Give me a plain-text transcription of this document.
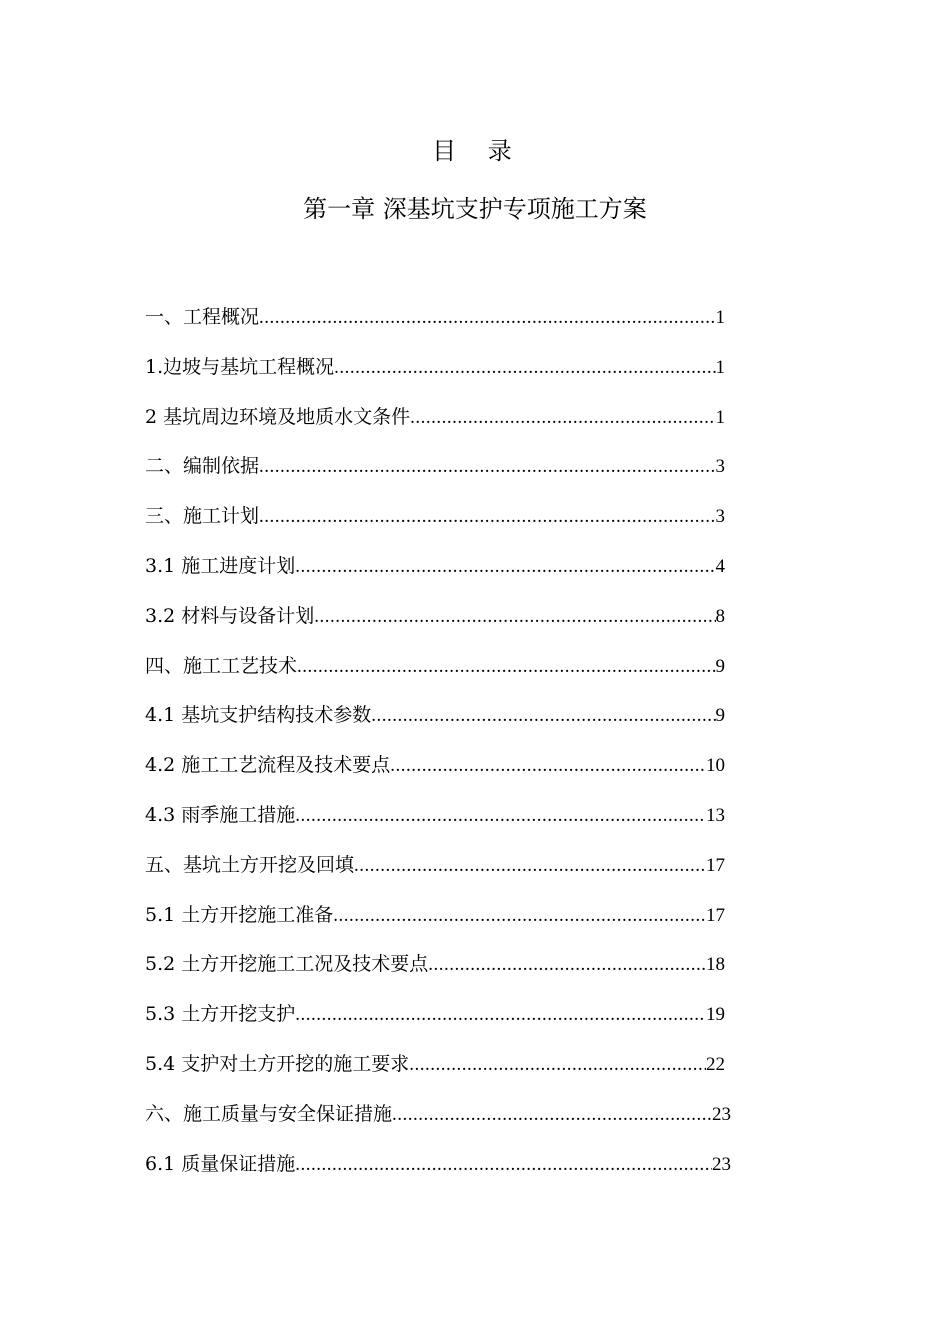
目 录
第一章 深基坑支护专项施工方案
一、工程概况 .....	1
1.边坡与基坑工程概况 .....	1
2 基坑周边环境及地质水文条件 .....	1
二、编制依据 .....	3
三、施工计划 .....	3
3.1 施工进度计划 .....	4
3.2 材料与设备计划 .....	8
四、施工工艺技术 .....	9
4.1 基坑支护结构技术参数 .....	9
4.2 施工工艺流程及技术要点 .....	10
4.3 雨季施工措施 .....	13
五、基坑土方开挖及回填 .....	17
5.1 土方开挖施工准备 .....	17
5.2 土方开挖施工工况及技术要点 .....	18
5.3 土方开挖支护 .....	19
5.4 支护对土方开挖的施工要求 .....	22
六、施工质量与安全保证措施 .....	23
6.1 质量保证措施 .....	23
